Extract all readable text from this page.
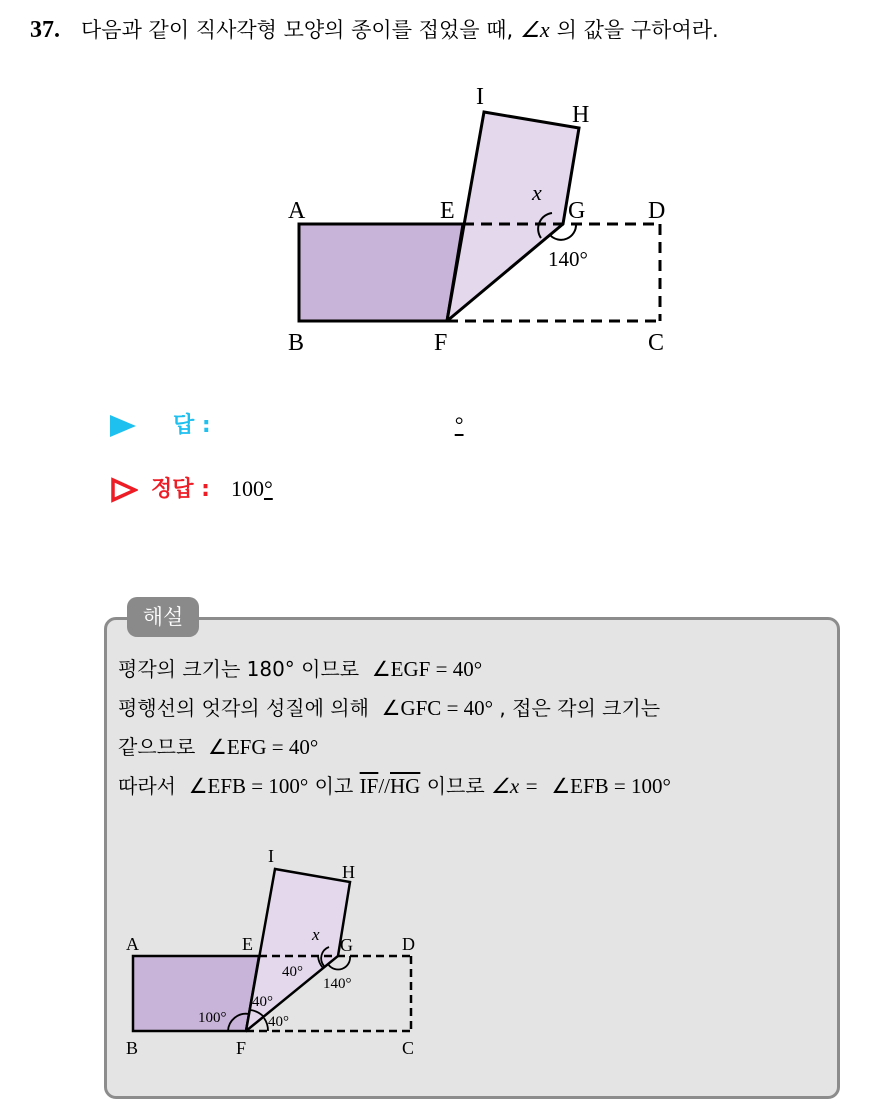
37. 다음과 같이 직사각형 모양의 종이를 접었을 때, ∠x 의 값을 구하여라.
A
B	C
D
E
F
G
H
I
x
140°
답 :	°
정답 : 100°
해설
평각의 크기는 180° 이므로 ∠EGF = 40°
평행선의 엇각의 성질에 의해 ∠GFC = 40° , 접은 각의 크기는
같으므로 ∠EFG = 40°
따라서 ∠EFB = 100° 이고 $\overline{IF}//\overline{HG}$ 이므로 ∠x = ∠EFB = 100°
A
B	C
D
E
F
G
H
I
x
140°
40°
40°
40°
100°
